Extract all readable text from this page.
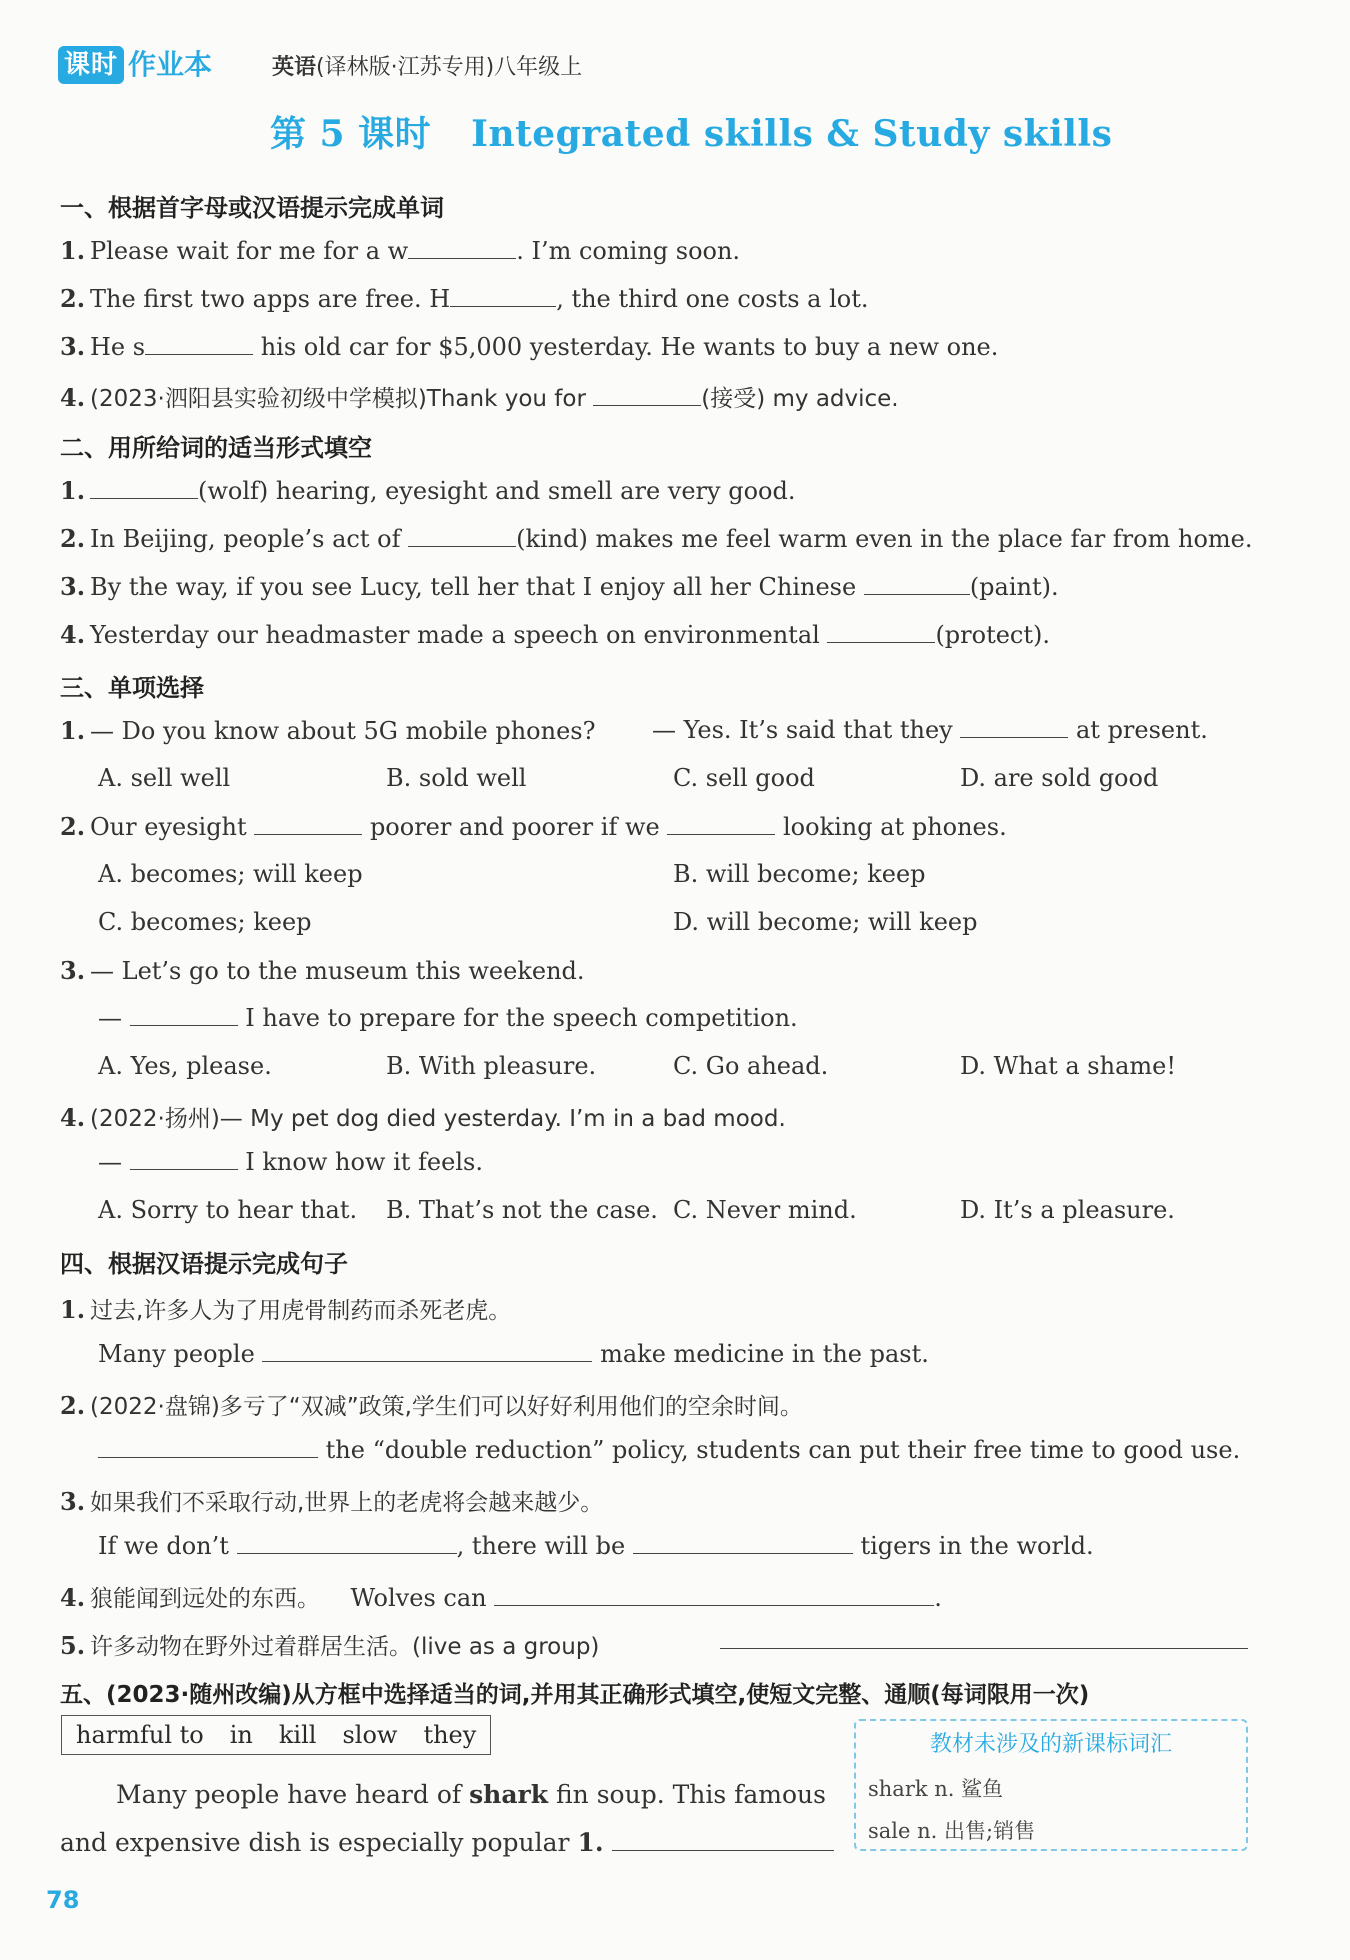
课时 作业本	英语(译林版·江苏专用)八年级上
第 5 课时 Integrated skills & Study skills
一、根据首字母或汉语提示完成单词
1. Please wait for me for a w	. I’m coming soon.
2. The first two apps are free. H	, the third one costs a lot.
3. He s	his old car for $5,000 yesterday. He wants to buy a new one.
4. (2023·泗阳县实验初级中学模拟)Thank you for	(接受) my advice.
二、用所给词的适当形式填空
1.	(wolf) hearing, eyesight and smell are very good.
2. In Beijing, people’s act of	(kind) makes me feel warm even in the place far from home.
3. By the way, if you see Lucy, tell her that I enjoy all her Chinese	(paint).
4. Yesterday our headmaster made a speech on environmental	(protect).
三、单项选择
1. — Do you know about 5G mobile phones? — Yes. It’s said that they	at present.
A. sell well	B. sold well	C. sell good	D. are sold good
2. Our eyesight	poorer and poorer if we	looking at phones.
A. becomes; will keep	B. will become; keep
C. becomes; keep	D. will become; will keep
3. — Let’s go to the museum this weekend.
—	I have to prepare for the speech competition.
A. Yes, please.	B. With pleasure.	C. Go ahead.	D. What a shame!
4. (2022·扬州)— My pet dog died yesterday. I’m in a bad mood.
—	I know how it feels.
A. Sorry to hear that. B. That’s not the case. C. Never mind.	D. It’s a pleasure.
四、根据汉语提示完成句子
1. 过去,许多人为了用虎骨制药而杀死老虎。
Many people	make medicine in the past.
2. (2022·盘锦)多亏了“双减”政策,学生们可以好好利用他们的空余时间。
the “double reduction” policy, students can put their free time to good use.
3. 如果我们不采取行动,世界上的老虎将会越来越少。
If we don’t	, there will be	tigers in the world.
4. 狼能闻到远处的东西。 Wolves can	.
5. 许多动物在野外过着群居生活。(live as a group)
五、(2023·随州改编)从方框中选择适当的词,并用其正确形式填空,使短文完整、通顺(每词限用一次)
harmful to in kill slow they	教材未涉及的新课标词汇
shark n. 鲨鱼
sale n. 出售;销售
Many people have heard of shark fin soup. This famous
and expensive dish is especially popular 1.
78
